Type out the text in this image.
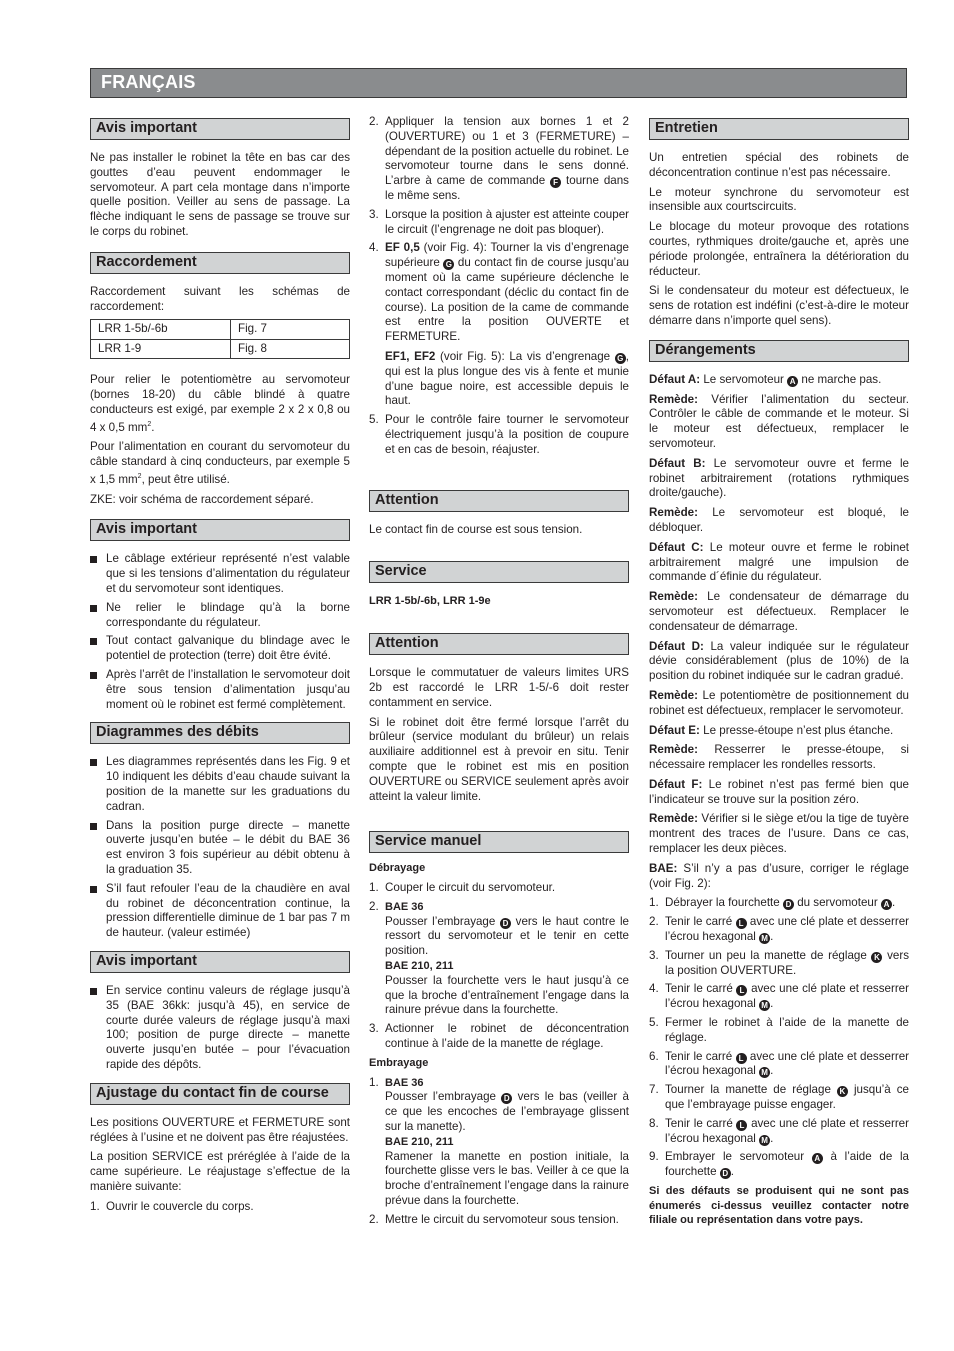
FRANÇAIS
Avis important

Ne pas installer le robinet la tête en bas car des gouttes d’eau peuvent endommager le servomoteur. A part cela montage dans n’importe quelle position. Veiller au sens de passage. La flèche indiquant le sens de passage se trouve sur le corps du robinet.

Raccordement

Raccordement suivant les schémas de raccordement:

LRR 1-5b/-6b	Fig. 7
LRR 1-9	Fig. 8

Pour relier le potentiomètre au servomoteur (bornes 18-20) du câble blindé à quatre conducteurs est exigé, par exemple 2 x 2 x 0,8 ou 4 x 0,5 $mm^2$.

Pour l’alimentation en courant du servomoteur du câble standard à cinq conducteurs, par exemple 5 x 1,5 $mm^2$, peut être utilisé.

ZKE: voir schéma de raccordement séparé.

Avis important
Le câblage extérieur représenté n’est valable que si les tensions d’alimentation du régulateur et du servomoteur sont identiques.
Ne relier le blindage qu’à la borne correspondante du régulateur.
Tout contact galvanique du blindage avec le potentiel de protection (terre) doit être évité.
Après l’arrêt de l’installation le servomoteur doit être sous tension d’alimentation jusqu’au moment où le robinet est fermé complètement.
Diagrammes des débits
Les diagrammes représentés dans les Fig. 9 et 10 indiquent les débits d’eau chaude suivant la position de la manette sur les graduations du cadran.
Dans la position purge directe – manette ouverte jusqu’en butée – le débit du BAE 36 est environ 3 fois supérieur au débit obtenu à la graduation 35.
S’il faut refouler l’eau de la chaudière en aval du robinet de déconcentration continue, la pression differentielle diminue de 1 bar pas 7 m de hauteur. (valeur estimée)
Avis important
En service continu valeurs de réglage jusqu’à 35 (BAE 36kk: jusqu’à 45), en service de courte durée valeurs de réglage jusqu’à maxi 100; position de purge directe – manette ouverte jusqu’en butée – pour l’évacuation rapide des dépôts.
Ajustage du contact fin de course

Les positions OUVERTURE et FERMETURE sont réglées à l’usine et ne doivent pas être réajustées.

La position SERVICE est préréglée à l’aide de la came supérieure. Le réajustage s’effectue de la manière suivante:

1. Ouvrir le couvercle du corps.
2. Appliquer la tension aux bornes 1 et 2 (OUVERTURE) ou 1 et 3 (FERMETURE) – dépendant de la position actuelle du robinet. Le servomoteur tourne dans le sens donné. L’arbre à came de commande F tourne dans le même sens.
3. Lorsque la position à ajuster est atteinte couper le circuit (l’engrenage ne doit pas bloquer).
4. EF 0,5 (voir Fig. 4): Tourner la vis d’engrenage supérieure G du contact fin de course jusqu’au moment où la came supérieure déclenche le contact correspondant (déclic du contact fin de course). La position de la came de commande est entre la position OUVERTE et FERMETURE.
EF1, EF2 (voir Fig. 5): La vis d’engrenage G , qui est la plus longue des vis à fente et munie d’une bague noire, est accessible depuis le haut.
5. Pour le contrôle faire tourner le servomoteur électriquement jusqu’à la position de coupure et en cas de besoin, réajuster.
Attention

Le contact fin de course est sous tension.

Service

LRR 1-5b/-6b, LRR 1-9e

Attention

Lorsque le commutatuer de valeurs limites URS 2b est raccordé le LRR 1-5/-6 doit rester contamment en service.

Si le robinet doit être fermé lorsque l’arrêt du brûleur (service modulant du brûleur) un relais auxiliaire additionnel est à prevoir en situ. Tenir compte que le robinet est mis en position OUVERTURE ou SERVICE seulement après avoir atteint la valeur limite.

Service manuel

Débrayage

1. Couper le circuit du servomoteur.
2. BAE 36
Pousser l’embrayage D vers le haut contre le ressort du servomoteur et le tenir en cette position.
BAE 210, 211
Pousser la fourchette vers le haut jusqu’à ce que la broche d’entraînement l’engage dans la rainure prévue dans la fourchette.
3. Actionner le robinet de déconcentration continue à l’aide de la manette de réglage.

Embrayage

1. BAE 36
Pousser l’embrayage D vers le bas (veiller à ce que les encoches de l’embrayage glissent sur la manette).
BAE 210, 211
Ramener la manette en postion initiale, la fourchette glisse vers le bas. Veiller à ce que la broche d’entraînement l’engage dans la rainure prévue dans la fourchette.
2. Mettre le circuit du servomoteur sous tension.
Entretien

Un entretien spécial des robinets de déconcentration continue n’est pas nécessaire.

Le moteur synchrone du servomoteur est insensible aux courtscircuits.

Le blocage du moteur provoque des rotations courtes, rythmiques droite/gauche et, après une période prolongée, entraînera la détérioration du réducteur.

Si le condensateur du moteur est défectueux, le sens de rotation est indéfini (c’est-à-dire le moteur démarre dans n’importe quel sens).

Dérangements

Défaut A: Le servomoteur A ne marche pas.

Remède: Vérifier l’alimentation du secteur. Contrôler le câble de commande et le moteur. Si le moteur est défectueux, remplacer le servomoteur.

Défaut B: Le servomoteur ouvre et ferme le robinet arbitrairement (rotations rythmiques droite/gauche).

Remède: Le servomoteur est bloqué, le débloquer.

Défaut C: Le moteur ouvre et ferme le robinet arbitrairement malgré une impulsion de commande d´éfinie du régulateur.

Remède: Le condensateur de démarrage du servomoteur est défectueux. Remplacer le condensateur de démarrage.

Défaut D: La valeur indiquée sur le régulateur dévie considérablement (plus de 10%) de la position du robinet indiquée sur le cadran gradué.

Remède: Le potentiomètre de positionnement du robinet est défectueux, remplacer le servomoteur.

Défaut E: Le presse-étoupe n’est plus étanche.

Remède: Resserrer le presse-étoupe, si nécessaire remplacer les rondelles ressorts.

Défaut F: Le robinet n’est pas fermé bien que l’indicateur se trouve sur la position zéro.

Remède: Vérifier si le siège et/ou la tige de tuyère montrent des traces de l’usure. Dans ce cas, remplacer les deux pièces.

BAE: S’il n’y a pas d’usure, corriger le réglage (voir Fig. 2):

1. Débrayer la fourchette D du servomoteur A .
2. Tenir le carré L avec une clé plate et desserrer l’écrou hexagonal M .
3. Tourner un peu la manette de réglage K vers la position OUVERTURE.
4. Tenir le carré L avec une clé plate et resserrer l’écrou hexagonal M .
5. Fermer le robinet à l’aide de la manette de réglage.
6. Tenir le carré L avec une clé plate et desserrer l’écrou hexagonal M .
7. Tourner la manette de réglage K jusqu’à ce que l’embrayage puisse engager.
8. Tenir le carré L avec une clé plate et resserrer l’écrou hexagonal M .
9. Embrayer le servomoteur A à l’aide de la fourchette D .

Si des défauts se produisent qui ne sont pas énumerés ci-dessus veuillez contacter notre filiale ou représentation dans votre pays.
